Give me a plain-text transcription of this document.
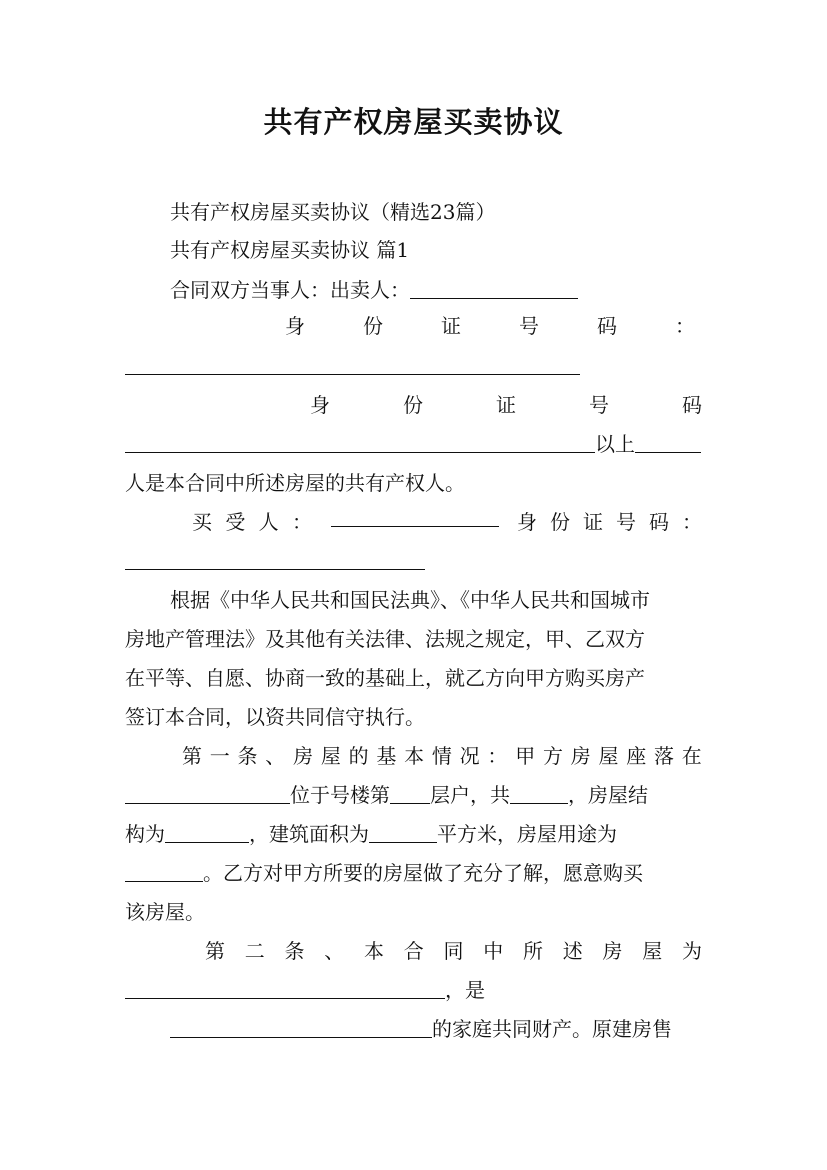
共有产权房屋买卖协议
共有产权房屋买卖协议（精选23篇）
共有产权房屋买卖协议 篇1
合同双方当事人：出卖人：
身	份	证	号	码	：
身	份	证	号	码
以上
人是本合同中所述房屋的共有产权人。
买 受 人 ：	身 份 证 号 码 ：
根据《中华人民共和国民法典》、《中华人民共和国城市
房地产管理法》及其他有关法律、法规之规定，甲、乙双方
在平等、自愿、协商一致的基础上，就乙方向甲方购买房产
签订本合同，以资共同信守执行。
第 一 条 、 房 屋 的 基 本 情 况 ： 甲 方 房 屋 座 落 在
位于号楼第 层户，共	，房屋结
构为	，建筑面积为	平方米，房屋用途为
。乙方对甲方所要的房屋做了充分了解，愿意购买
该房屋。
第 二 条 、 本 合 同 中 所 述 房 屋 为
，是
的家庭共同财产。原建房售
